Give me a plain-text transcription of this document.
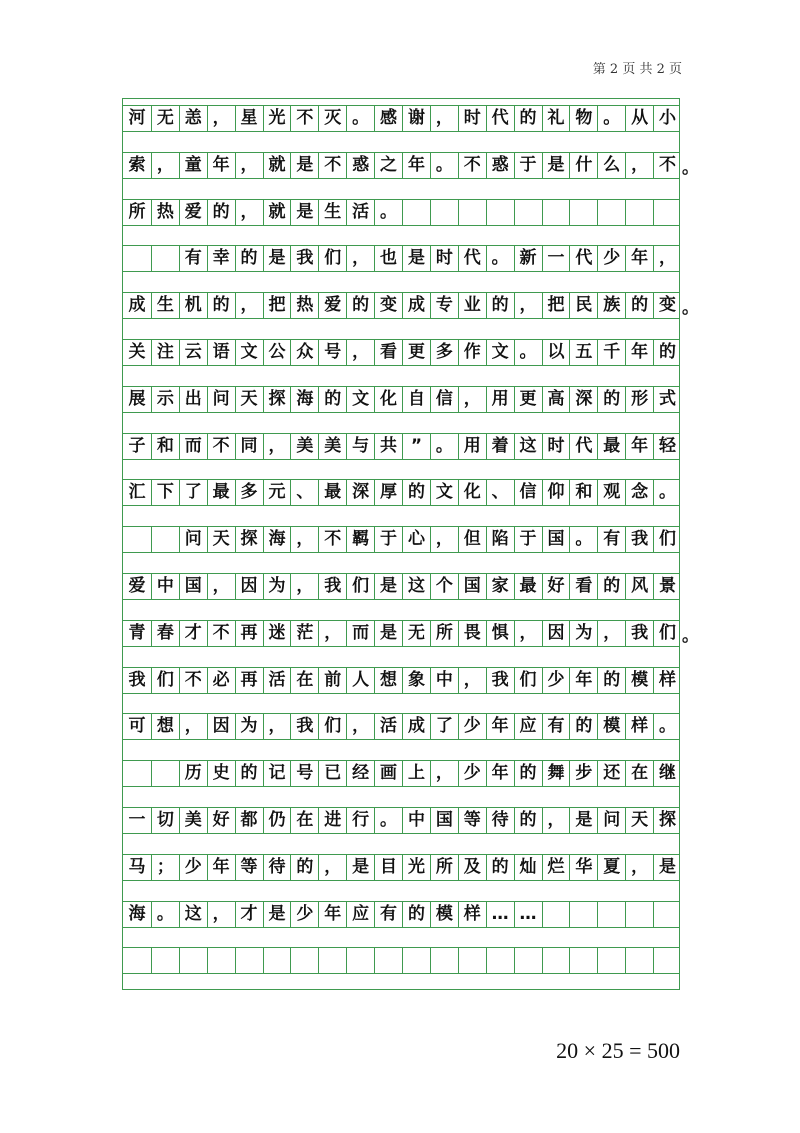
第 2 页 共 2 页
河 无 恙 ， 星 光 不 灭 。 感 谢 ， 时 代 的 礼 物 。 从 小
索 ， 童 年 ， 就 是 不 惑 之 年 。 不 惑 于 是 什 么 ， 不 。
所 热 爱 的 ， 就 是 生 活 。
有 幸 的 是 我 们 ， 也 是 时 代 。 新 一 代 少 年 ，
成 生 机 的 ， 把 热 爱 的 变 成 专 业 的 ， 把 民 族 的 变 。
关 注 云 语 文 公 众 号 ， 看 更 多 作 文 。 以 五 千 年 的
展 示 出 问 天 探 海 的 文 化 自 信 ， 用 更 高 深 的 形 式
子 和 而 不 同 ， 美 美 与 共 ” 。 用 着 这 时 代 最 年 轻
汇 下 了 最 多 元 、 最 深 厚 的 文 化 、 信 仰 和 观 念 。
问 天 探 海 ， 不 羁 于 心 ， 但 陷 于 国 。 有 我 们
爱 中 国 ， 因 为 ， 我 们 是 这 个 国 家 最 好 看 的 风 景
青 春 才 不 再 迷 茫 ， 而 是 无 所 畏 惧 ， 因 为 ， 我 们 。
我 们 不 必 再 活 在 前 人 想 象 中 ， 我 们 少 年 的 模 样
可 想 ， 因 为 ， 我 们 ， 活 成 了 少 年 应 有 的 模 样 。
历 史 的 记 号 已 经 画 上 ， 少 年 的 舞 步 还 在 继
一 切 美 好 都 仍 在 进 行 。 中 国 等 待 的 ， 是 问 天 探
马 ； 少 年 等 待 的 ， 是 目 光 所 及 的 灿 烂 华 夏 ， 是
海 。 这 ， 才 是 少 年 应 有 的 模 样 … …
20 × 25 = 500
